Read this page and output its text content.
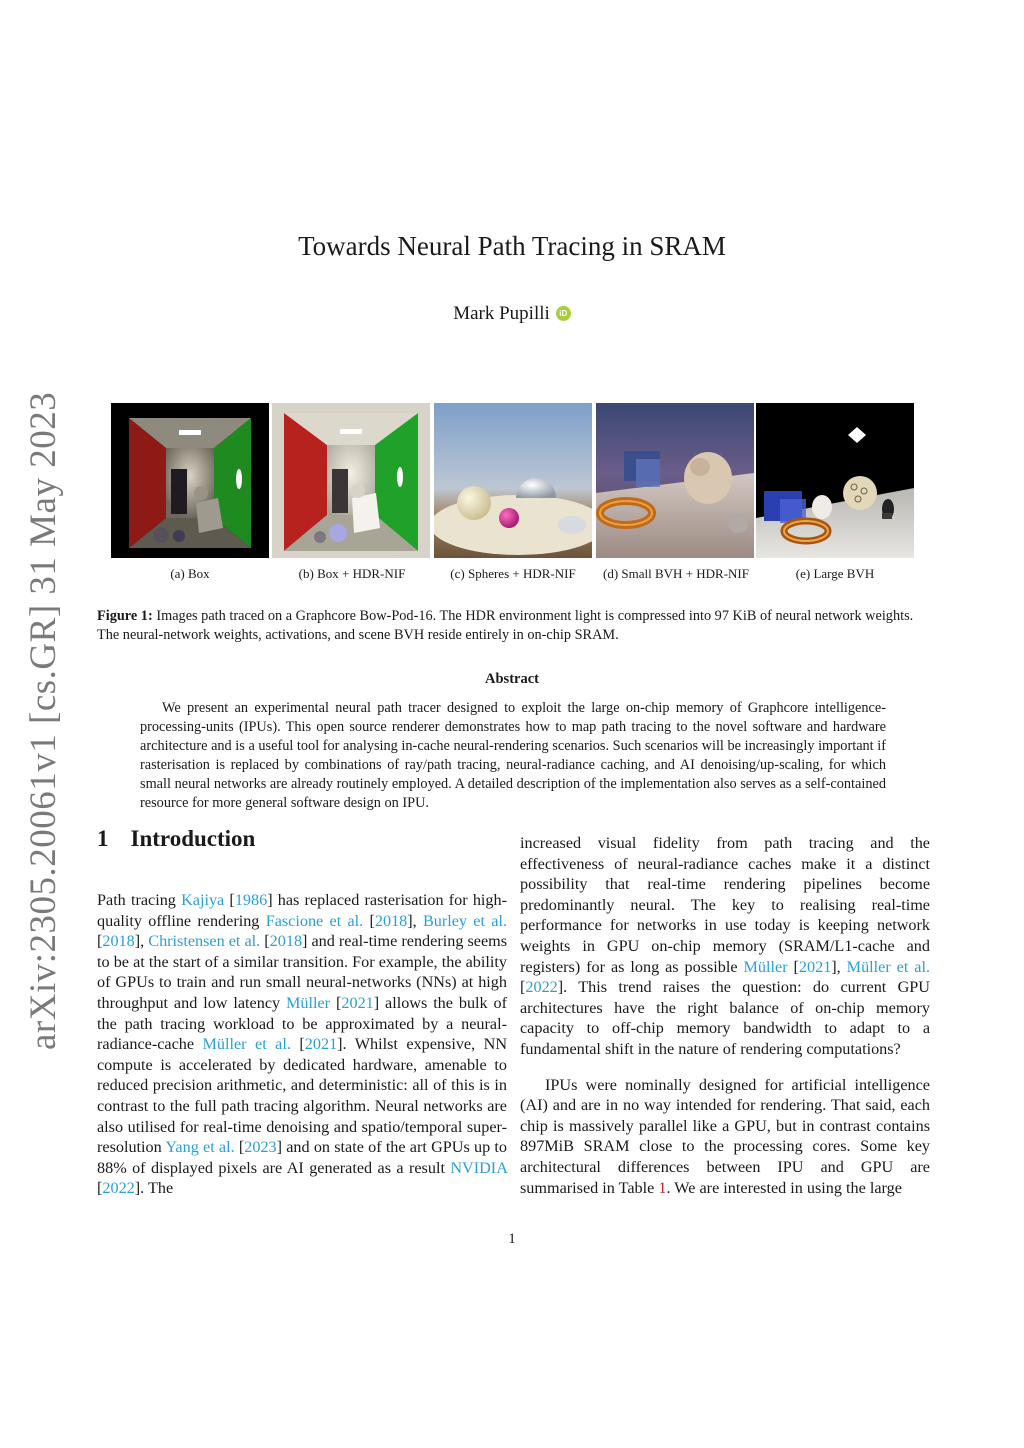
arXiv:2305.20061v1 [cs.GR] 31 May 2023
Towards Neural Path Tracing in SRAM
Mark Pupilli iD
(a) Box	(b) Box + HDR-NIF	(c) Spheres + HDR-NIF	(d) Small BVH + HDR-NIF	(e) Large BVH
Figure 1: Images path traced on a Graphcore Bow-Pod-16. The HDR environment light is compressed into 97 KiB of neural network weights. The neural-network weights, activations, and scene BVH reside entirely in on-chip SRAM.
Abstract
We present an experimental neural path tracer designed to exploit the large on-chip memory of Graphcore intelligence-processing-units (IPUs). This open source renderer demonstrates how to map path tracing to the novel software and hardware architecture and is a useful tool for analysing in-cache neural-rendering scenarios. Such scenarios will be increasingly important if rasterisation is replaced by combinations of ray/path tracing, neural-radiance caching, and AI denoising/up-scaling, for which small neural networks are already routinely employed. A detailed description of the implementation also serves as a self-contained resource for more general software design on IPU.
1 Introduction

Path tracing Kajiya [1986] has replaced rasterisation for high-quality offline rendering Fascione et al. [2018], Burley et al. [2018], Christensen et al. [2018] and real-time rendering seems to be at the start of a similar transition. For example, the ability of GPUs to train and run small neural-networks (NNs) at high throughput and low latency Müller [2021] allows the bulk of the path tracing workload to be approximated by a neural-radiance-cache Müller et al. [2021]. Whilst expensive, NN compute is accelerated by dedicated hardware, amenable to reduced precision arithmetic, and deterministic: all of this is in contrast to the full path tracing algorithm. Neural networks are also utilised for real-time denoising and spatio/temporal super-resolution Yang et al. [2023] and on state of the art GPUs up to 88% of displayed pixels are AI generated as a result NVIDIA [2022]. The

increased visual fidelity from path tracing and the effectiveness of neural-radiance caches make it a distinct possibility that real-time rendering pipelines become predominantly neural. The key to realising real-time performance for networks in use today is keeping network weights in GPU on-chip memory (SRAM/L1-cache and registers) for as long as possible Müller [2021], Müller et al. [2022]. This trend raises the question: do current GPU architectures have the right balance of on-chip memory capacity to off-chip memory bandwidth to adapt to a fundamental shift in the nature of rendering computations?

IPUs were nominally designed for artificial intelligence (AI) and are in no way intended for rendering. That said, each chip is massively parallel like a GPU, but in contrast contains 897MiB SRAM close to the processing cores. Some key architectural differences between IPU and GPU are summarised in Table 1. We are interested in using the large

1
